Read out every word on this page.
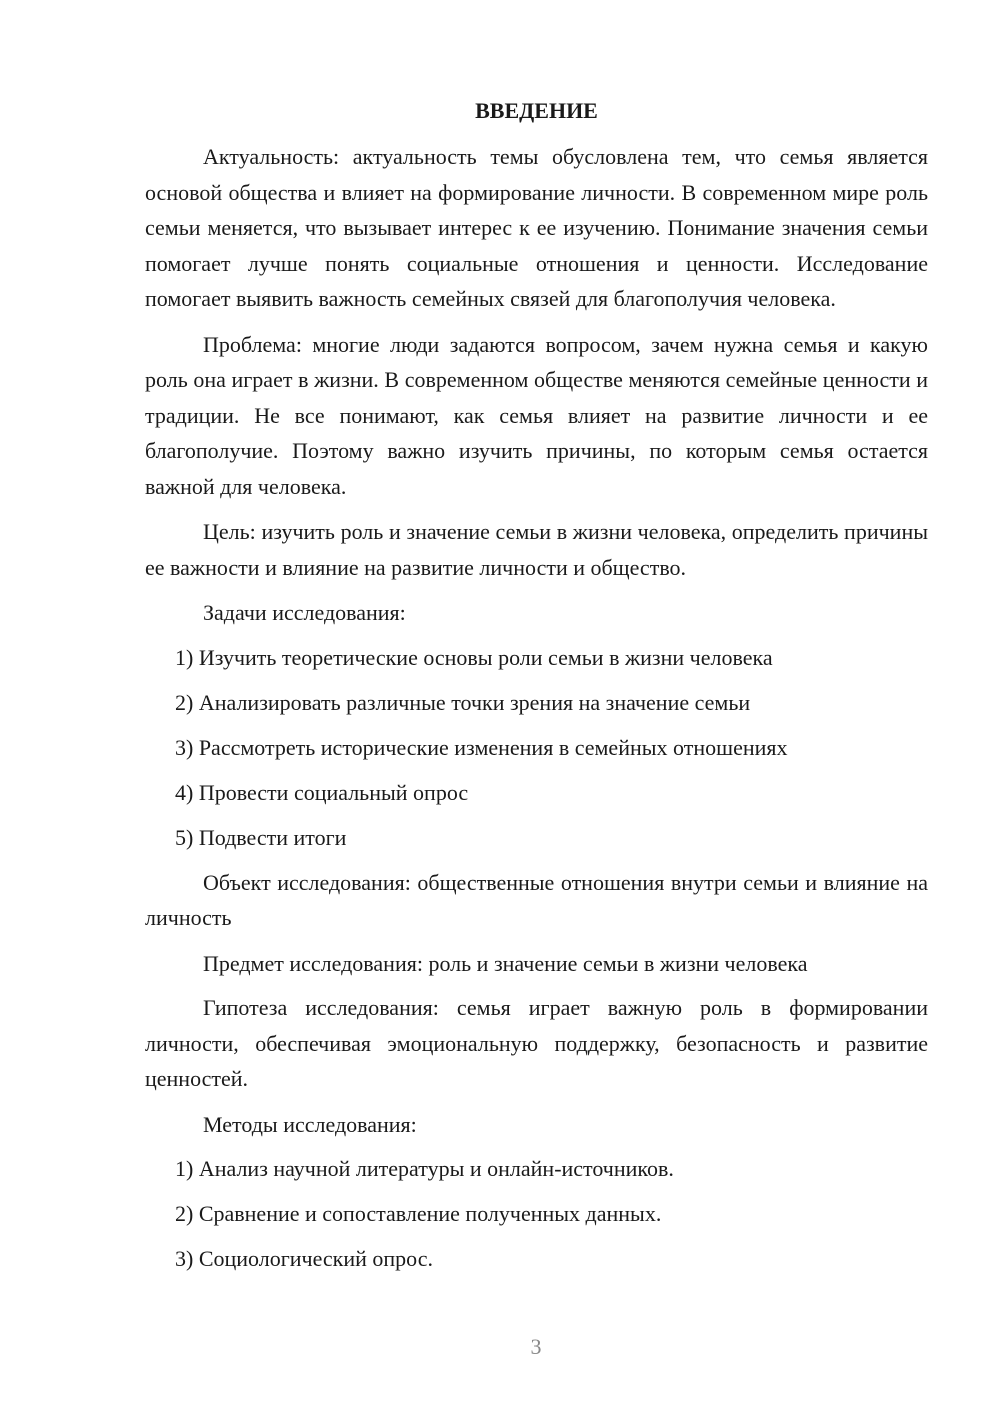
ВВЕДЕНИЕ

Актуальность: актуальность темы обусловлена тем, что семья является основой общества и влияет на формирование личности. В современном мире роль семьи меняется, что вызывает интерес к ее изучению. Понимание значения семьи помогает лучше понять социальные отношения и ценности. Исследование помогает выявить важность семейных связей для благополучия человека.

Проблема: многие люди задаются вопросом, зачем нужна семья и какую роль она играет в жизни. В современном обществе меняются семейные ценности и традиции. Не все понимают, как семья влияет на развитие личности и ее благополучие. Поэтому важно изучить причины, по которым семья остается важной для человека.

Цель: изучить роль и значение семьи в жизни человека, определить причины ее важности и влияние на развитие личности и общество.

Задачи исследования:

1) Изучить теоретические основы роли семьи в жизни человека
2) Анализировать различные точки зрения на значение семьи
3) Рассмотреть исторические изменения в семейных отношениях
4) Провести социальный опрос
5) Подвести итоги

Объект исследования: общественные отношения внутри семьи и влияние на личность

Предмет исследования: роль и значение семьи в жизни человека

Гипотеза исследования: семья играет важную роль в формировании личности, обеспечивая эмоциональную поддержку, безопасность и развитие ценностей.

Методы исследования:

1) Анализ научной литературы и онлайн-источников.
2) Сравнение и сопоставление полученных данных.
3) Социологический опрос.
3
